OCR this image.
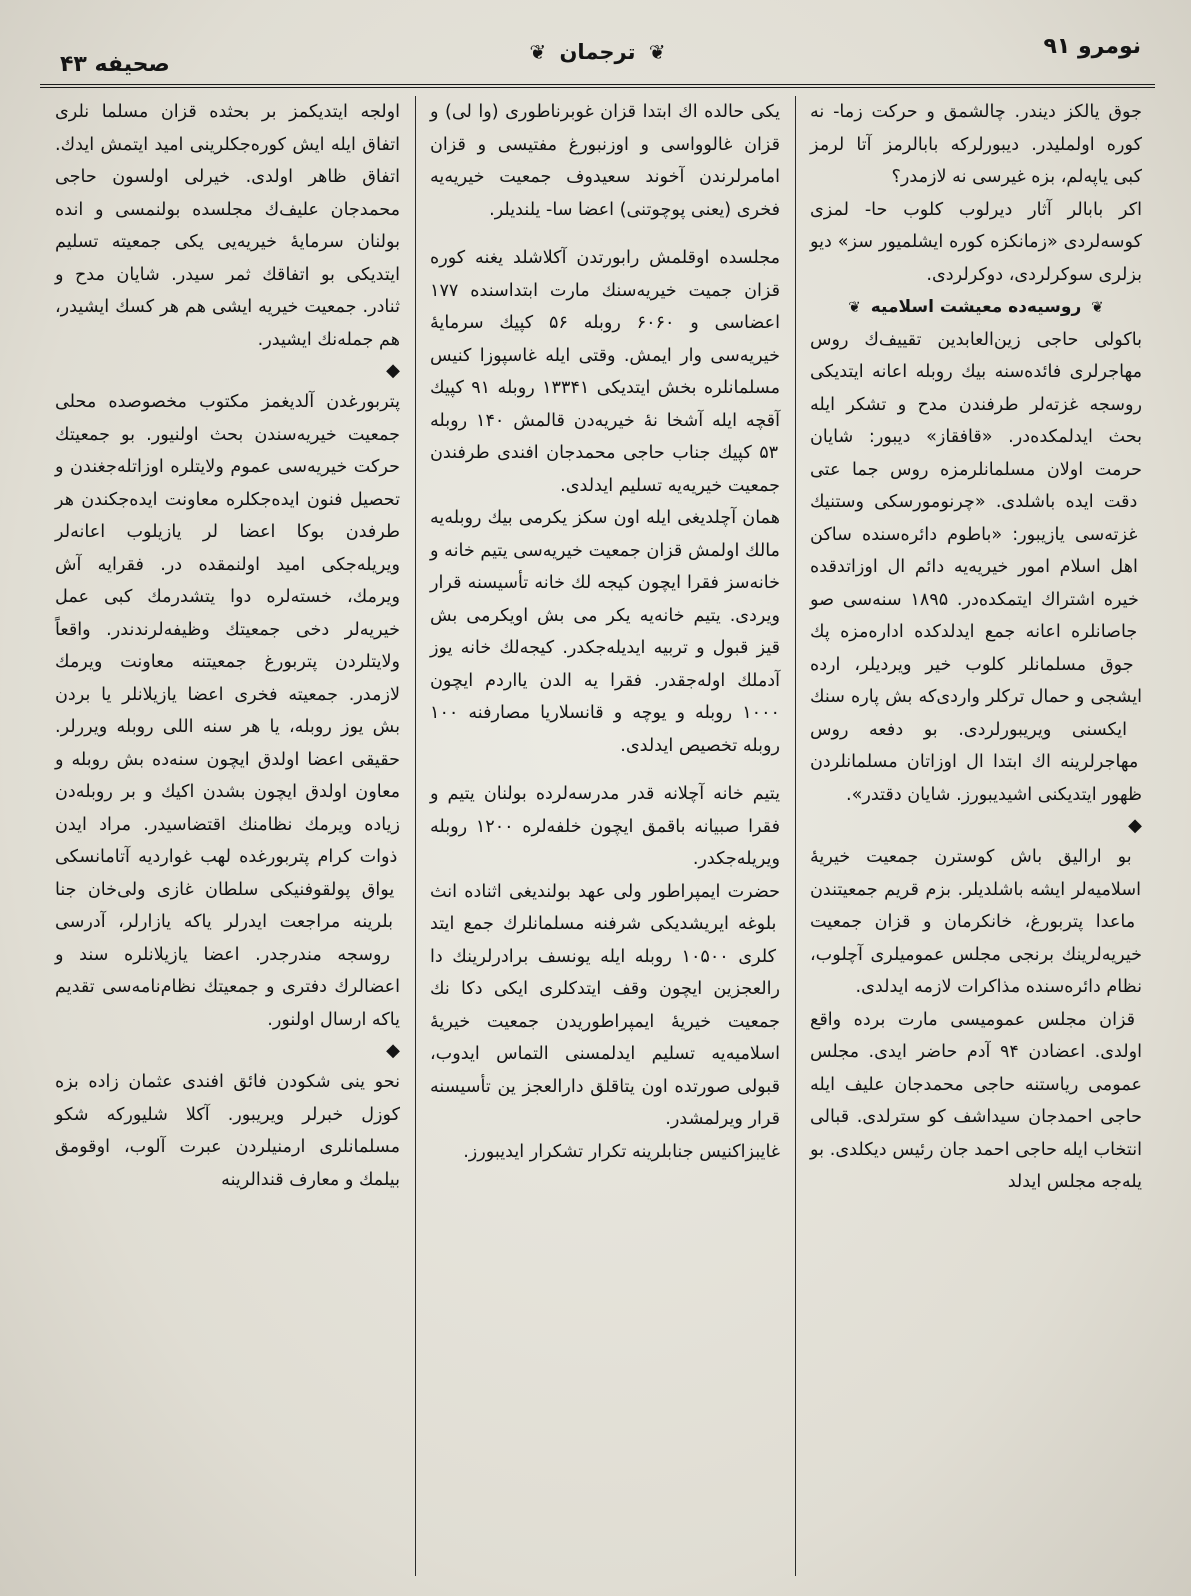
نومرو ۹۱
❦ ترجمان ❦
صحيفه ۴۳

جوق يالكز ديندر. چالشمق و حركت زما- نه كوره اولمليدر. ديبورلركه بابالرمز آتا لرمز كبى ياپه‌لم، بزه غيرسى نه لازمدر؟

اكر بابالر آثار ديرلوب كلوب حا- لمزى كوسه‌لردى «زمانكزه كوره ايشلميور سز» ديو بزلرى سوكرلردى، دوكرلردى.

❦ روسيه‌ده معيشت اسلاميه ❦

باكولى حاجى زين‌العابدين تقييف‌ك روس مهاجرلرى فائده‌سنه بيك روبله اعانه ايتديكى روسجه غزته‌لر طرفندن مدح و تشكر ايله بحث ايدلمكده‌در. «قافقاز» ديبور: شايان حرمت اولان مسلمانلرمزه روس جما عتى دقت ايده باشلدى. «چرنومورسكى وستنيك غزته‌سى يازيبور: «باطوم دائره‌سنده ساكن اهل اسلام امور خيريه‌يه دائم ال اوزاتدقده خيره اشتراك ايتمكده‌در. ۱۸۹۵ سنه‌سى صو جاصانلره اعانه جمع ايدلدكده اداره‌مزه پك جوق مسلمانلر كلوب خير ويرديلر، ارده ايشجى و حمال تركلر واردى‌كه بش پاره سنك ايكسنى ويريبورلردى. بو دفعه روس مهاجرلرينه اك ابتدا ال اوزاتان مسلمانلردن ظهور ايتديكنى اشيديبورز. شايان دقتدر».

◆

بو اراليق باش كوسترن جمعيت خيريهٔ اسلاميه‌لر ايشه باشلديلر. بزم قريم جمعيتندن ماعدا پتربورغ، خانكرمان و قزان جمعيت خيريه‌لرينك برنجى مجلس عموميلرى آچلوب، نظام دائره‌سنده مذاكرات لازمه ايدلدى.

قزان مجلس عموميسى مارت برده واقع اولدى. اعضادن ۹۴ آدم حاضر ايدى. مجلس عمومى رياستنه حاجى محمدجان عليف ايله حاجى احمدجان سيداشف كو سترلدى. قبالى انتخاب ايله حاجى احمد جان رئيس ديكلدى. بو يله‌جه مجلس ايدلد

يكى حالده اك ابتدا قزان غوبرناطورى (وا لى) و قزان غالوواسى و اوزنبورغ مفتيسى و قزان امامرلرندن آخوند سعيدوف جمعيت خيريه‌يه فخرى (يعنى پوچوتنى) اعضا سا- يلنديلر.

مجلسده اوقلمش رابورتدن آكلاشلد يغنه كوره قزان جميت خيريه‌سنك مارت ابتداسنده ۱۷۷ اعضاسى و ۶۰۶۰ روبله ۵۶ كپيك سرمايهٔ خيريه‌سى وار ايمش. وقتى ايله غاسپوزا كنيس مسلمانلره بخش ايتديكى ۱۳۳۴۱ روبله ۹۱ كپيك آقچه ايله آشخا نهٔ خيريه‌دن قالمش ۱۴۰ روبله ۵۳ كپيك جناب حاجى محمدجان افندى طرفندن جمعيت خيريه‌يه تسليم ايدلدى.

همان آچلديغى ايله اون سكز يكرمى بيك روبله‌يه مالك اولمش قزان جمعيت خيريه‌سى يتيم خانه و خانه‌سز فقرا ايچون كيجه لك خانه تأسيسنه قرار ويردى. يتيم خانه‌يه يكر مى بش اويكرمى بش قيز قبول و تربيه ايديله‌جكدر. كيجه‌لك خانه يوز آدملك اوله‌جقدر. فقرا يه الدن يااردم ايچون ۱۰۰۰ روبله و يوچه و قانسلاريا مصارفنه ۱۰۰ روبله تخصيص ايدلدى.

يتيم خانه آچلانه قدر مدرسه‌لرده بولنان يتيم و فقرا صبيانه باقمق ايچون خلفه‌لره ۱۲۰۰ روبله ويريله‌جكدر.

حضرت ايمپراطور ولى عهد بولنديغى اثناده انث بلوغه ايريشديكى شرفنه مسلمانلرك جمع ايتد كلرى ۱۰۵۰۰ روبله ايله يونسف برادرلرينك دا رالعجزين ايچون وقف ايتدكلرى ايكى دكا نك جمعيت خيريهٔ ايمپراطوريدن جمعيت خيريهٔ اسلاميه‌يه تسليم ايدلمسنى التماس ايدوب، قبولى صورتده اون يتاقلق دارالعجز ين تأسيسنه قرار ويرلمشدر.

غايبزاكنيس جنابلرينه تكرار تشكرار ايديبورز.

اولجه ايتديكمز بر بحثده قزان مسلما نلرى اتفاق ايله ايش كوره‌جكلرينى اميد ايتمش ايدك. اتفاق ظاهر اولدى. خيرلى اولسون حاجى محمدجان عليف‌ك مجلسده بولنمسى و انده بولنان سرمايهٔ خيريه‌يى يكى جمعيته تسليم ايتديكى بو اتفاقك ثمر سيدر. شايان مدح و ثنادر. جمعيت خيريه ايشى هم هر كسك ايشيدر، هم جمله‌نك ايشيدر.

◆

پتربورغدن آلديغمز مكتوب مخصوصده محلى جمعيت خيريه‌سندن بحث اولنيور. بو جمعيتك حركت خيريه‌سى عموم ولايتلره اوزاتله‌جغندن و تحصيل فنون ايده‌جكلره معاونت ايده‌جكندن هر طرفدن بوكا اعضا لر يازيلوب اعانه‌لر ويريله‌جكى اميد اولنمقده در. فقرايه آش ويرمك، خسته‌لره دوا يتشدرمك كبى عمل خيريه‌لر دخى جمعيتك وظيفه‌لرندندر. واقعاً ولايتلردن پتربورغ جمعيتنه معاونت ويرمك لازمدر. جمعيته فخرى اعضا يازيلانلر يا بردن بش يوز روبله، يا هر سنه اللى روبله ويررلر. حقيقى اعضا اولدق ايچون سنه‌ده بش روبله و معاون اولدق ايچون بشدن اكيك و بر روبله‌دن زياده ويرمك نظامنك اقتضاسيدر. مراد ايدن ذوات كرام پتربورغده لهب غوارديه آتامانسكى يواق پولقوفنيكى سلطان غازى ولى‌خان جنا بلرينه مراجعت ايدرلر ياكه يازارلر، آدرسى روسجه مندرجدر. اعضا يازيلانلره سند و اعضالرك دفترى و جمعيتك نظام‌نامه‌سى تقديم ياكه ارسال اولنور.

◆

نحو ينى شكودن فائق افندى عثمان زاده بزه كوزل خبرلر ويريبور. آكلا شليوركه شكو مسلمانلرى ارمنيلردن عبرت آلوب، اوقومق بيلمك و معارف قندالرينه
